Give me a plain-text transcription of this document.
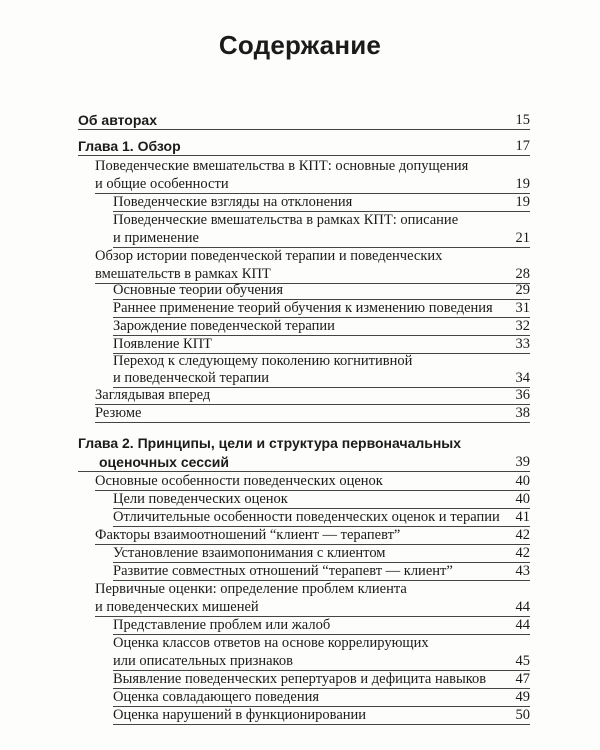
Содержание
Об авторах	15
Глава 1. Обзор	17
Поведенческие вмешательства в КПТ: основные допущения
и общие особенности	19
Поведенческие взгляды на отклонения	19
Поведенческие вмешательства в рамках КПТ: описание
и применение	21
Обзор истории поведенческой терапии и поведенческих
вмешательств в рамках КПТ	28
Основные теории обучения	29
Раннее применение теорий обучения к изменению поведения	31
Зарождение поведенческой терапии	32
Появление КПТ	33
Переход к следующему поколению когнитивной
и поведенческой терапии	34
Заглядывая вперед	36
Резюме	38
Глава 2. Принципы, цели и структура первоначальных
оценочных сессий	39
Основные особенности поведенческих оценок	40
Цели поведенческих оценок	40
Отличительные особенности поведенческих оценок и терапии	41
Факторы взаимоотношений “клиент — терапевт”	42
Установление взаимопонимания с клиентом	42
Развитие совместных отношений “терапевт — клиент”	43
Первичные оценки: определение проблем клиента
и поведенческих мишеней	44
Представление проблем или жалоб	44
Оценка классов ответов на основе коррелирующих
или описательных признаков	45
Выявление поведенческих репертуаров и дефицита навыков	47
Оценка совладающего поведения	49
Оценка нарушений в функционировании	50
